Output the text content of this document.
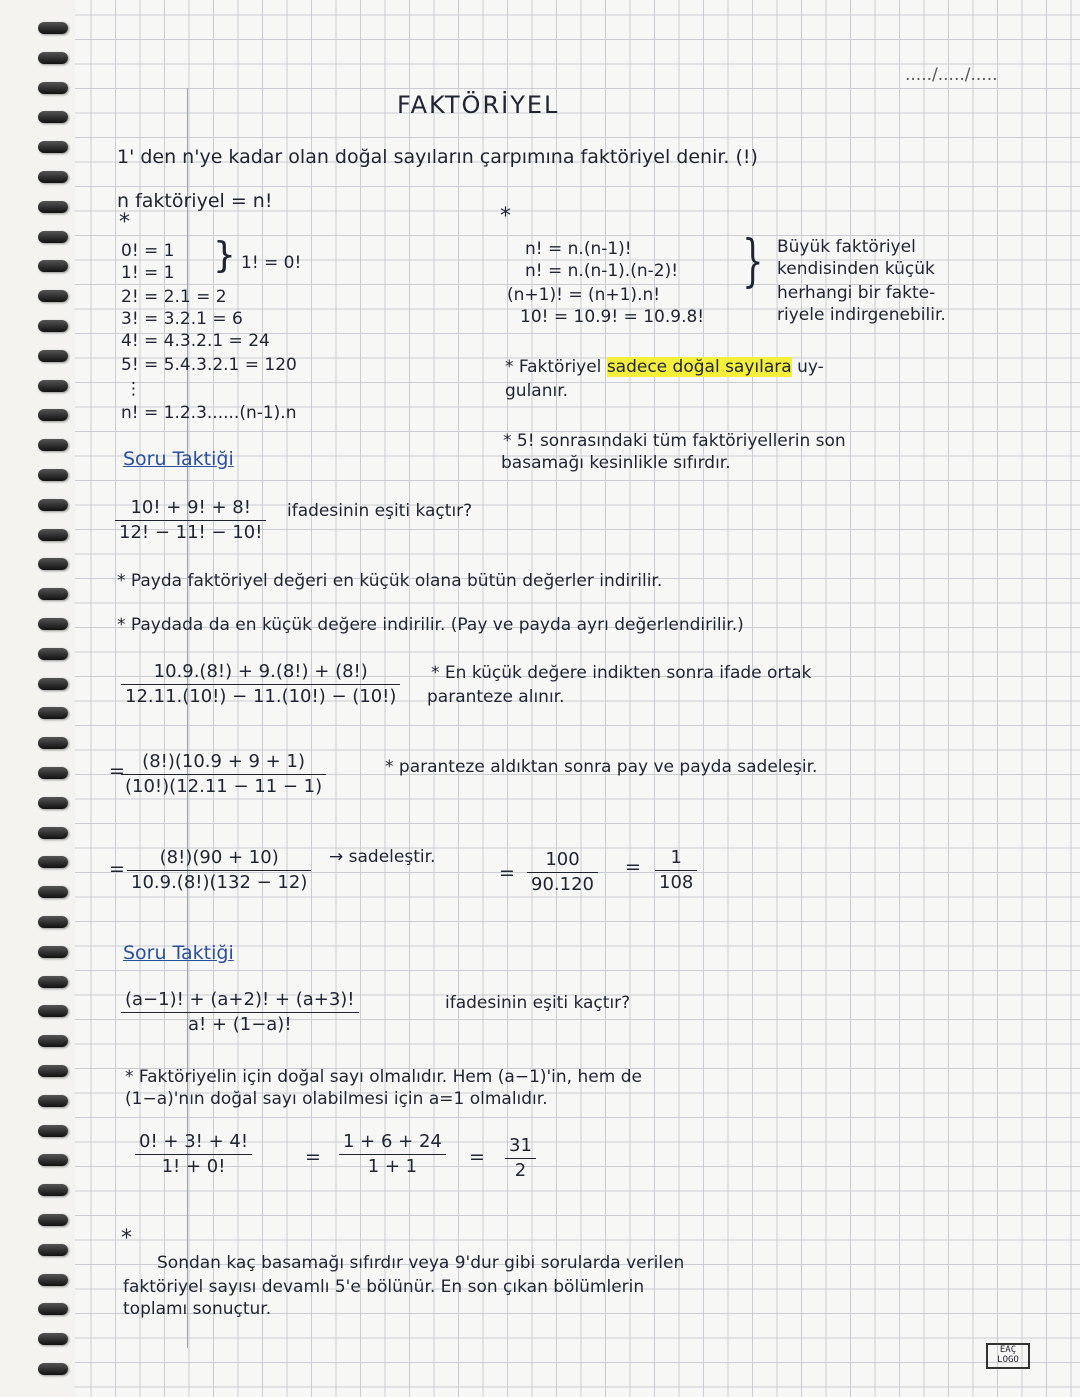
...../...../.....
FAKTÖRİYEL
1' den n'ye kadar olan doğal sayıların çarpımına faktöriyel denir. (!)
n faktöriyel = n!
*
0! = 1
1! = 1 } 1! = 0!
2! = 2.1 = 2
3! = 3.2.1 = 6
4! = 4.3.2.1 = 24
5! = 5.4.3.2.1 = 120
⋮
n! = 1.2.3......(n-1).n
*
n! = n.(n-1)!
n! = n.(n-1).(n-2)!
(n+1)! = (n+1).n!
10! = 10.9! = 10.9.8!
} Büyük faktöriyel
kendisinden küçük
herhangi bir fakte-
riyele indirgenebilir.
* Faktöriyel sadece doğal sayılara uy-
gulanır.
* 5! sonrasındaki tüm faktöriyellerin son
basamağı kesinlikle sıfırdır.
Soru Taktiği
$\frac{10! + 9! + 8!}{12! - 11! - 10!}$ ifadesinin eşiti kaçtır?
* Payda faktöriyel değeri en küçük olana bütün değerler indirilir.
* Paydada da en küçük değere indirilir. (Pay ve payda ayrı değerlendirilir.)
$\frac{10.9.(8!) + 9.(8!) + (8!)}{12.11.(10!) - 11.(10!) - (10!)}$ * En küçük değere indikten sonra ifade ortak
parantezе alınır.
=
$\frac{(8!)(10.9 + 9 + 1)}{(10!)(12.11 - 11 - 1)}$	* parantеze aldıktan sonra pay ve payda sadeleşir.
= $\frac{(8!)(90 + 10)}{10.9.(8!)(132 - 12)}$ → sadeleştir.
= $\frac{100}{90.120} = \frac{1}{108}$
Soru Taktiği
$\frac{(a-1)! + (a+2)! + (a+3)!}{a! + (1-a)!}$	ifadesinin eşiti kaçtır?
* Faktöriyelin için doğal sayı olmalıdır. Hem (a−1)'in, hem de
(1−a)'nın doğal sayı olabilmesi için a=1 olmalıdır.
$\frac{0! + 3! + 4!}{1! + 0!}$	= $\frac{1 + 6 + 24}{1 + 1} = \frac{31}{2}$
*
Sondan kaç basamağı sıfırdır veya 9'dur gibi sorularda verilen
faktöriyel sayısı devamlı 5'e bölünür. En son çıkan bölümlerin
toplamı sonuçtur.
EAÇ LOGO
